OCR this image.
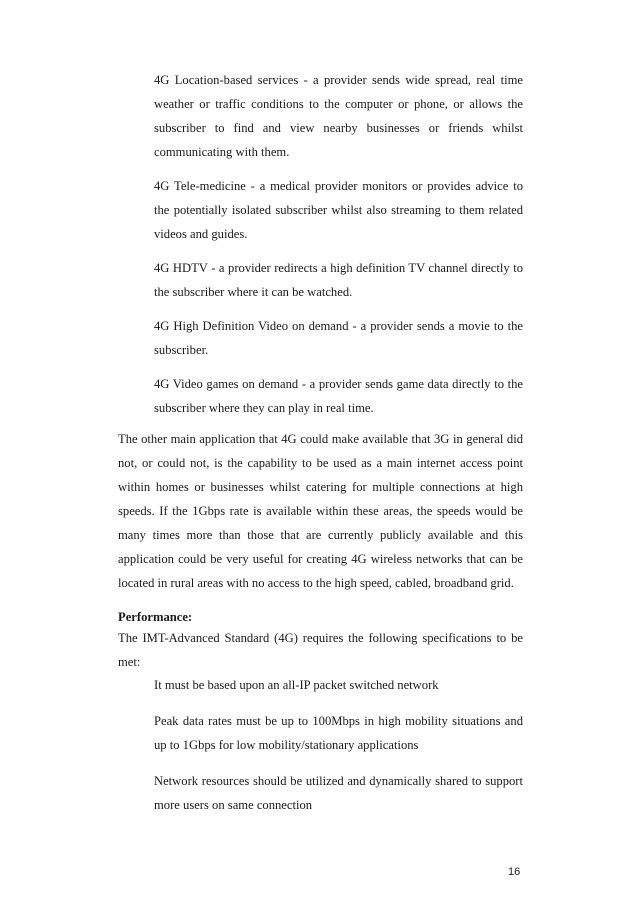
4G Location-based services - a provider sends wide spread, real time weather or traffic conditions to the computer or phone, or allows the subscriber to find and view nearby businesses or friends whilst communicating with them.
4G Tele-medicine - a medical provider monitors or provides advice to the potentially isolated subscriber whilst also streaming to them related videos and guides.
4G HDTV - a provider redirects a high definition TV channel directly to the subscriber where it can be watched.
4G High Definition Video on demand - a provider sends a movie to the subscriber.
4G Video games on demand - a provider sends game data directly to the subscriber where they can play in real time.

The other main application that 4G could make available that 3G in general did not, or could not, is the capability to be used as a main internet access point within homes or businesses whilst catering for multiple connections at high speeds. If the 1Gbps rate is available within these areas, the speeds would be many times more than those that are currently publicly available and this application could be very useful for creating 4G wireless networks that can be located in rural areas with no access to the high speed, cabled, broadband grid.

Performance:

The IMT-Advanced Standard (4G) requires the following specifications to be met:

It must be based upon an all-IP packet switched network
Peak data rates must be up to 100Mbps in high mobility situations and up to 1Gbps for low mobility/stationary applications
Network resources should be utilized and dynamically shared to support more users on same connection
16
